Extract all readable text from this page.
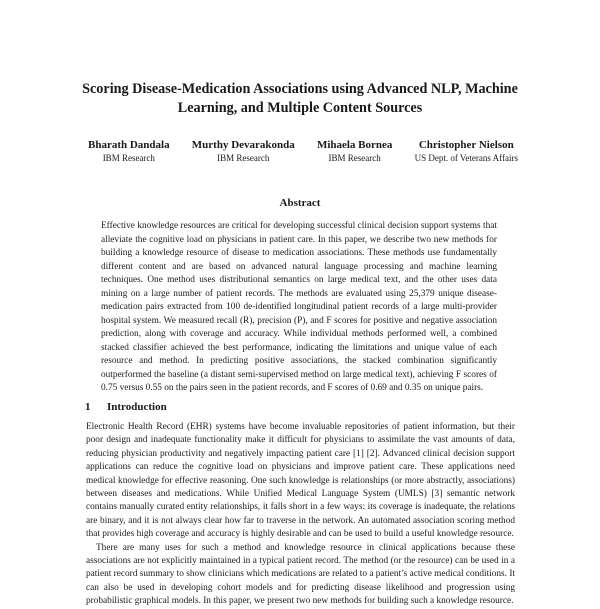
Scoring Disease-Medication Associations using Advanced NLP, Machine Learning, and Multiple Content Sources
Bharath Dandala
IBM Research
Murthy Devarakonda
IBM Research
Mihaela Bornea
IBM Research
Christopher Nielson
US Dept. of Veterans Affairs
Abstract
Effective knowledge resources are critical for developing successful clinical decision support systems that alleviate the cognitive load on physicians in patient care. In this paper, we describe two new methods for building a knowledge resource of disease to medication associations. These methods use fundamentally different content and are based on advanced natural language processing and machine learning techniques. One method uses distributional semantics on large medical text, and the other uses data mining on a large number of patient records. The methods are evaluated using 25,379 unique disease-medication pairs extracted from 100 de-identified longitudinal patient records of a large multi-provider hospital system. We measured recall (R), precision (P), and F scores for positive and negative association prediction, along with coverage and accuracy. While individual methods performed well, a combined stacked classifier achieved the best performance, indicating the limitations and unique value of each resource and method. In predicting positive associations, the stacked combination significantly outperformed the baseline (a distant semi-supervised method on large medical text), achieving F scores of 0.75 versus 0.55 on the pairs seen in the patient records, and F scores of 0.69 and 0.35 on unique pairs.
1 Introduction

Electronic Health Record (EHR) systems have become invaluable repositories of patient information, but their poor design and inadequate functionality make it difficult for physicians to assimilate the vast amounts of data, reducing physician productivity and negatively impacting patient care [1] [2]. Advanced clinical decision support applications can reduce the cognitive load on physicians and improve patient care. These applications need medical knowledge for effective reasoning. One such knowledge is relationships (or more abstractly, associations) between diseases and medications. While Unified Medical Language System (UMLS) [3] semantic network contains manually curated entity relationships, it falls short in a few ways: its coverage is inadequate, the relations are binary, and it is not always clear how far to traverse in the network. An automated association scoring method that provides high coverage and accuracy is highly desirable and can be used to build a useful knowledge resource.

There are many uses for such a method and knowledge resource in clinical applications because these associations are not explicitly maintained in a typical patient record. The method (or the resource) can be used in a patient record summary to show clinicians which medications are related to a patient’s active medical conditions. It can also be used in developing cohort models and for predicting disease likelihood and progression using probabilistic graphical models. In this paper, we present two new methods for building such a knowledge resource.
